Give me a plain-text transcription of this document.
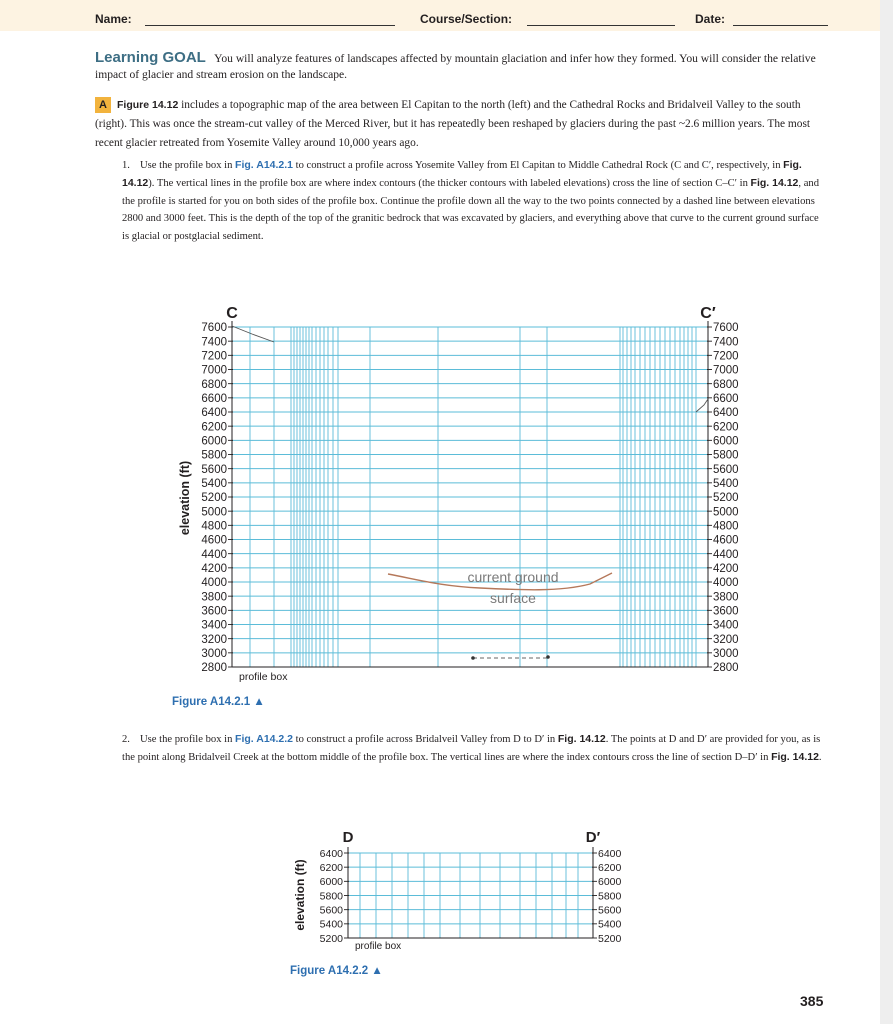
Name:	Course/Section:	Date:
Learning GOAL You will analyze features of landscapes affected by mountain glaciation and infer how they formed. You will consider the relative impact of glacier and stream erosion on the landscape.
A Figure 14.12 includes a topographic map of the area between El Capitan to the north (left) and the Cathedral Rocks and Bridalveil Valley to the south (right). This was once the stream-cut valley of the Merced River, but it has repeatedly been reshaped by glaciers during the past ~2.6 million years. The most recent glacier retreated from Yosemite Valley around 10,000 years ago.
1. Use the profile box in Fig. A14.2.1 to construct a profile across Yosemite Valley from El Capitan to Middle Cathedral Rock (C and C′, respectively, in Fig. 14.12). The vertical lines in the profile box are where index contours (the thicker contours with labeled elevations) cross the line of section C–C′ in Fig. 14.12, and the profile is started for you on both sides of the profile box. Continue the profile down all the way to the two points connected by a dashed line between elevations 2800 and 3000 feet. This is the depth of the top of the granitic bedrock that was excavated by glaciers, and everything above that curve to the current ground surface is glacial or postglacial sediment.
7600	7600
7400	7400
7200	7200
7000	7000
6800	6800
6600	6600
6400	6400
6200	6200
6000	6000
5800	5800
5600	5600
5400	5400
5200	5200
5000	5000
4800	4800
4600	4600
4400	4400
4200	4200
4000	4000
3800	3800
3600	3600
3400	3400
3200	3200
3000	3000
2800	2800
current ground
surface
C	C′
elevation (ft)
profile box
Figure A14.2.1 ▲
2. Use the profile box in Fig. A14.2.2 to construct a profile across Bridalveil Valley from D to D′ in Fig. 14.12. The points at D and D′ are provided for you, as is the point along Bridalveil Creek at the bottom middle of the profile box. The vertical lines are where the index contours cross the line of section D–D′ in Fig. 14.12.
6400	6400
6200	6200
6000	6000
5800	5800
5600	5600
5400	5400
5200	5200
D	D′
elevation (ft)
profile box
Figure A14.2.2 ▲
385
